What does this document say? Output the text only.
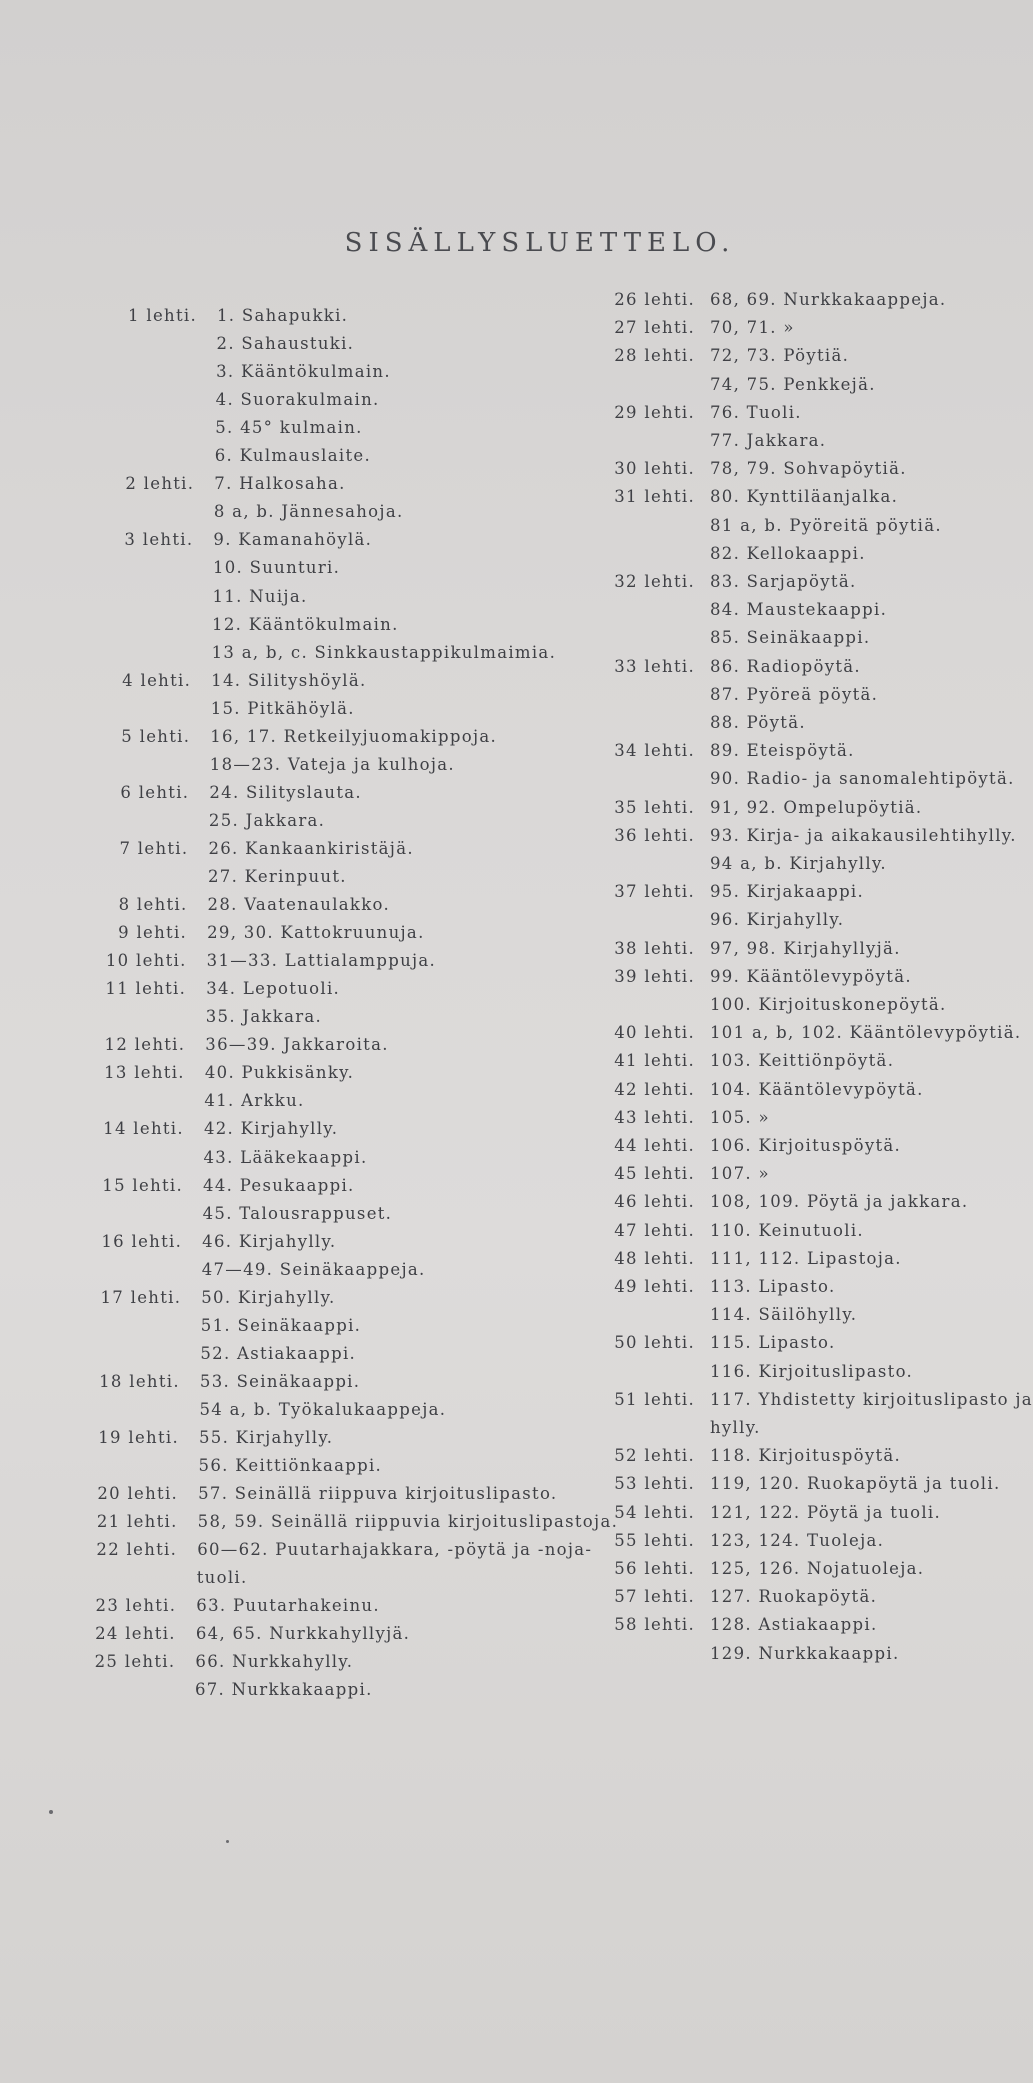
SISÄLLYSLUETTELO.
1 lehti. 1. Sahapukki.
2. Sahaustuki.
3. Kääntökulmain.
4. Suorakulmain.
5. 45° kulmain.
6. Kulmauslaite.
2 lehti. 7. Halkosaha.
8 a, b. Jännesahoja.
3 lehti. 9. Kamanahöylä.
10. Suunturi.
11. Nuija.
12. Kääntökulmain.
13 a, b, c. Sinkkaustappikulmaimia.
4 lehti. 14. Silityshöylä.
15. Pitkähöylä.
5 lehti. 16, 17. Retkeilyjuomakippoja.
18—23. Vateja ja kulhoja.
6 lehti. 24. Silityslauta.
25. Jakkara.
7 lehti. 26. Kankaankiristäjä.
27. Kerinpuut.
8 lehti. 28. Vaatenaulakko.
9 lehti. 29, 30. Kattokruunuja.
10 lehti. 31—33. Lattialamppuja.
11 lehti. 34. Lepotuoli.
35. Jakkara.
12 lehti. 36—39. Jakkaroita.
13 lehti. 40. Pukkisänky.
41. Arkku.
14 lehti. 42. Kirjahylly.
43. Lääkekaappi.
15 lehti. 44. Pesukaappi.
45. Talousrappuset.
16 lehti. 46. Kirjahylly.
47—49. Seinäkaappeja.
17 lehti. 50. Kirjahylly.
51. Seinäkaappi.
52. Astiakaappi.
18 lehti. 53. Seinäkaappi.
54 a, b. Työkalukaappeja.
19 lehti. 55. Kirjahylly.
56. Keittiönkaappi.
20 lehti. 57. Seinällä riippuva kirjoituslipasto.
21 lehti. 58, 59. Seinällä riippuvia kirjoituslipastoja.
22 lehti. 60—62. Puutarhajakkara, -pöytä ja -noja-
tuoli.
23 lehti. 63. Puutarhakeinu.
24 lehti. 64, 65. Nurkkahyllyjä.
25 lehti. 66. Nurkkahylly.
67. Nurkkakaappi.
26 lehti. 68, 69. Nurkkakaappeja.
27 lehti. 70, 71. »
28 lehti. 72, 73. Pöytiä.
74, 75. Penkkejä.
29 lehti. 76. Tuoli.
77. Jakkara.
30 lehti. 78, 79. Sohvapöytiä.
31 lehti. 80. Kynttiläanjalka.
81 a, b. Pyöreitä pöytiä.
82. Kellokaappi.
32 lehti. 83. Sarjapöytä.
84. Maustekaappi.
85. Seinäkaappi.
33 lehti. 86. Radiopöytä.
87. Pyöreä pöytä.
88. Pöytä.
34 lehti. 89. Eteispöytä.
90. Radio- ja sanomalehtipöytä.
35 lehti. 91, 92. Ompelupöytiä.
36 lehti. 93. Kirja- ja aikakausilehtihylly.
94 a, b. Kirjahylly.
37 lehti. 95. Kirjakaappi.
96. Kirjahylly.
38 lehti. 97, 98. Kirjahyllyjä.
39 lehti. 99. Kääntölevypöytä.
100. Kirjoituskonepöytä.
40 lehti. 101 a, b, 102. Kääntölevypöytiä.
41 lehti. 103. Keittiönpöytä.
42 lehti. 104. Kääntölevypöytä.
43 lehti. 105. »
44 lehti. 106. Kirjoituspöytä.
45 lehti. 107. »
46 lehti. 108, 109. Pöytä ja jakkara.
47 lehti. 110. Keinutuoli.
48 lehti. 111, 112. Lipastoja.
49 lehti. 113. Lipasto.
114. Säilöhylly.
50 lehti. 115. Lipasto.
116. Kirjoituslipasto.
51 lehti. 117. Yhdistetty kirjoituslipasto ja
hylly.
52 lehti. 118. Kirjoituspöytä.
53 lehti. 119, 120. Ruokapöytä ja tuoli.
54 lehti. 121, 122. Pöytä ja tuoli.
55 lehti. 123, 124. Tuoleja.
56 lehti. 125, 126. Nojatuoleja.
57 lehti. 127. Ruokapöytä.
58 lehti. 128. Astiakaappi.
129. Nurkkakaappi.
